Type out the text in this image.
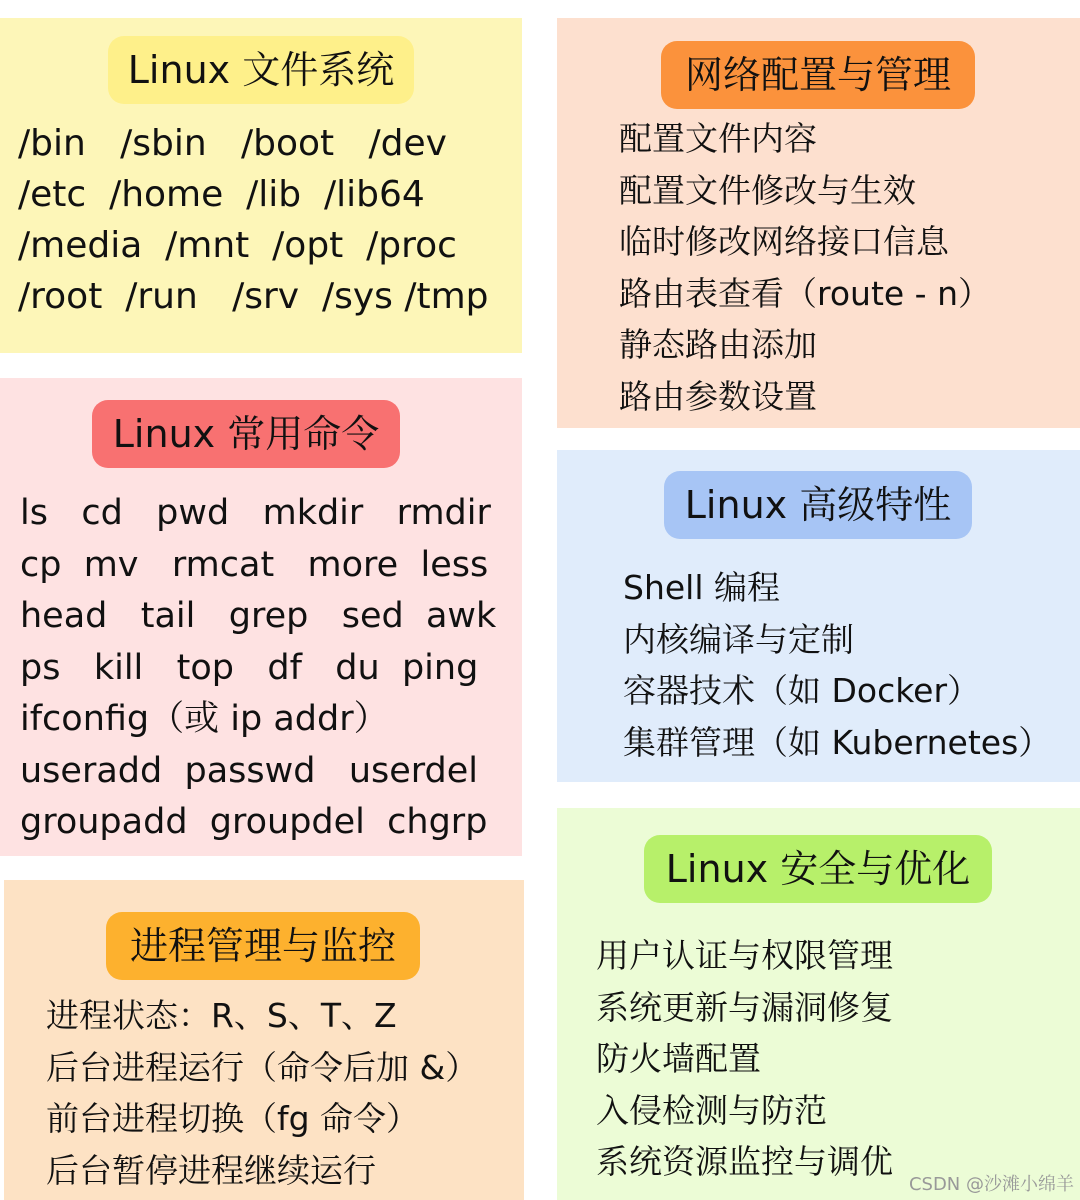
Linux 文件系统
/bin   /sbin   /boot   /dev
/etc  /home  /lib  /lib64
/media  /mnt  /opt  /proc
/root  /run   /srv  /sys /tmp
Linux 常用命令
ls   cd   pwd   mkdir   rmdir
cp  mv   rmcat   more  less
head   tail   grep   sed  awk
ps   kill   top   df   du  ping
ifconfig（或 ip addr）
useradd  passwd   userdel
groupadd  groupdel  chgrp
进程管理与监控
进程状态：R、S、T、Z
后台进程运行（命令后加 &）
前台进程切换（fg 命令）
后台暂停进程继续运行
网络配置与管理
配置文件内容
配置文件修改与生效
临时修改网络接口信息
路由表查看（route - n）
静态路由添加
路由参数设置
Linux 高级特性
Shell 编程
内核编译与定制
容器技术（如 Docker）
集群管理（如 Kubernetes）
Linux 安全与优化
用户认证与权限管理
系统更新与漏洞修复
防火墙配置
入侵检测与防范
系统资源监控与调优
CSDN @沙滩小绵羊
